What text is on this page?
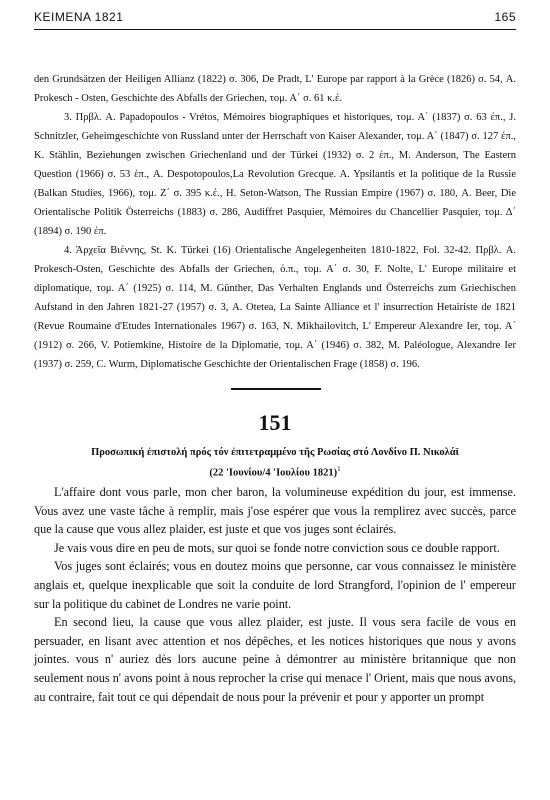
KEIMENA 1821	165

den Grundsätzen der Heiligen Allianz (1822) σ. 306, De Pradt, L' Europe par rapport à la Grèce (1826) σ. 54, A. Prokesch - Osten, Geschichte des Abfalls der Griechen, τομ. Α΄ σ. 61 κ.έ.

3. Πρβλ. A. Papadopoulos - Vrétos, Mémoires biographiques et historiques, τομ. Α΄ (1837) σ. 63 έπ., J. Schnitzler, Geheimgeschichte von Russland unter der Herrschaft von Kaiser Alexander, τομ. Α΄ (1847) σ. 127 έπ., K. Stählin, Beziehungen zwischen Griechenland und der Türkei (1932) σ. 2 έπ., M. Anderson, The Eastern Question (1966) σ. 53 έπ., A. Despotopoulos,La Revolution Grecque. A. Ypsilantis et la politique de la Russie (Balkan Studies, 1966), τομ. Ζ΄ σ. 395 κ.έ., H. Seton-Watson, The Russian Empire (1967) σ. 180, A. Beer, Die Orientalische Politik Österreichs (1883) σ. 286, Audiffret Pasquier, Mémoires du Chancellier Pasquier, τομ. Δ΄ (1894) σ. 190 έπ.

4. Άρχεῖα Βιέννης, St. K. Türkei (16) Orientalische Angelegenheiten 1810-1822, Fol. 32-42. Πρβλ. A. Prokesch-Osten, Geschichte des Abfalls der Griechen, ό.π., τομ. Α΄ σ. 30, F. Nolte, L' Europe militaire et diplomatique, τομ. Α΄ (1925) σ. 114, M. Günther, Das Verhalten Englands und Österreichs zum Griechischen Aufstand in den Jahren 1821-27 (1957) σ. 3, A. Otetea, La Sainte Alliance et l' insurrection Hetairiste de 1821 (Revue Roumaine d'Etudes Internationales 1967) σ. 163, N. Mikhailovitch, L' Empereur Alexandre Ier, τομ. Α΄ (1912) σ. 266, V. Potiemkine, Histoire de la Diplomatie, τομ. Α΄ (1946) σ. 382, M. Paléologue, Alexandre Ier (1937) σ. 259, C. Wurm, Diplomatische Geschichte der Orientalischen Frage (1858) σ. 196.

151
Προσωπική ἐπιστολή πρός τόν ἐπιτετραμμένο τῆς Ρωσίας στό Λονδίνο Π. Νικολάϊ
(22 'Ιουνίου/4 'Ιουλίου 1821)$^1$

L'affaire dont vous parle, mon cher baron, la volumineuse expédition du jour, est immense. Vous avez une vaste tâche à remplir, mais j'ose espérer que vous la remplirez avec succès, parce que la cause que vous allez plaider, est juste et que vos juges sont éclairés.

Je vais vous dire en peu de mots, sur quoi se fonde notre conviction sous ce double rapport.

Vos juges sont éclairés; vous en doutez moins que personne, car vous connaissez le ministère anglais et, quelque inexplicable que soit la conduite de lord Strangford, l'opinion de l' empereur sur la politique du cabinet de Londres ne varie point.

En second lieu, la cause que vous allez plaider, est juste. Il vous sera facile de vous en persuader, en lisant avec attention et nos dépêches, et les notices historiques que nous y avons jointes. vous n' auriez dès lors aucune peine à démontrer au ministère britannique que non seulement nous n' avons point à nous reprocher la crise qui menace l' Orient, mais que nous avons, au contraire, fait tout ce qui dépendait de nous pour la prévenir et pour y apporter un prompt
